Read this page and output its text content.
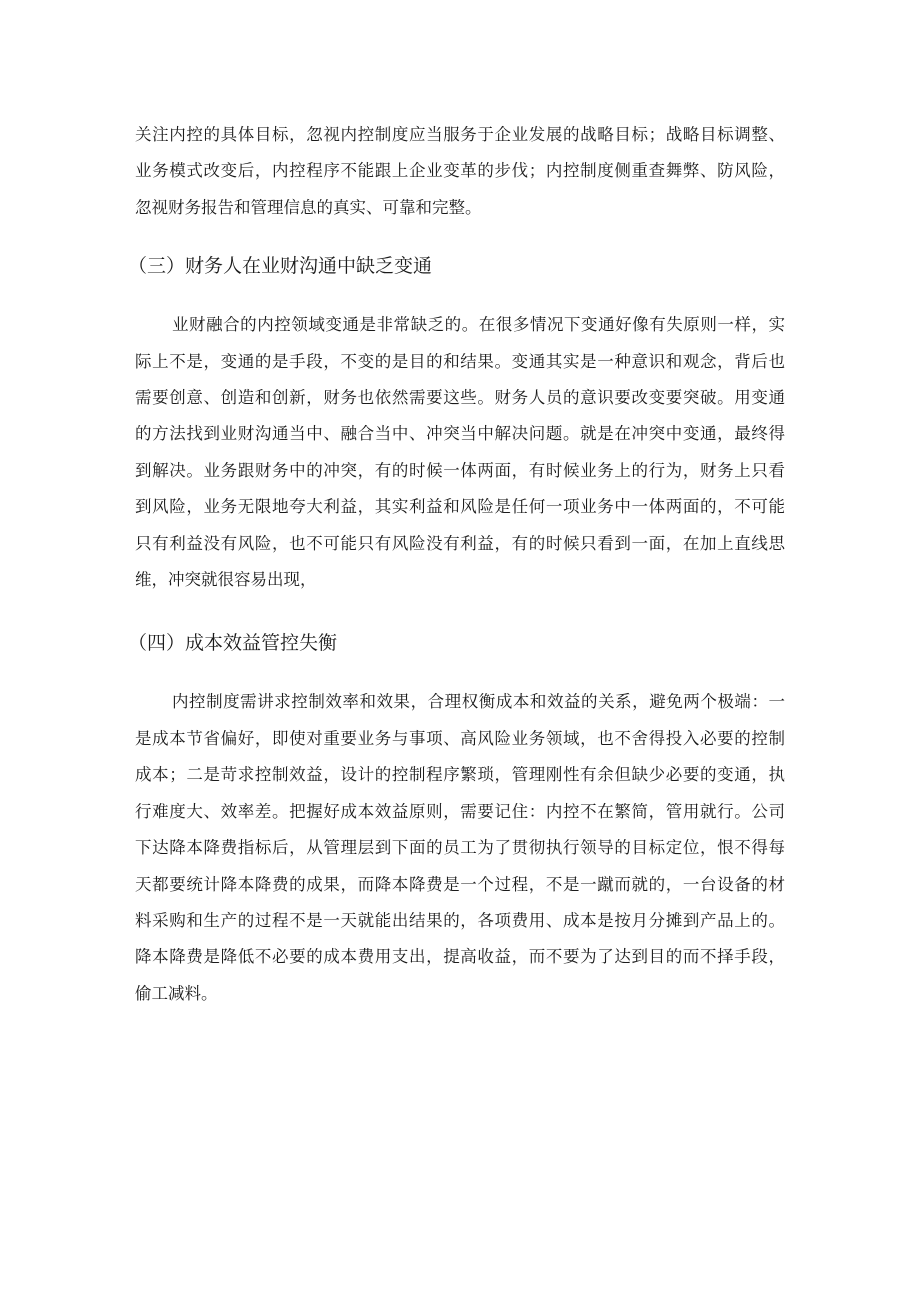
关注内控的具体目标，忽视内控制度应当服务于企业发展的战略目标；战略目标调整、
业务模式改变后，内控程序不能跟上企业变革的步伐；内控制度侧重查舞弊、防风险，
忽视财务报告和管理信息的真实、可靠和完整。
（三）财务人在业财沟通中缺乏变通
业财融合的内控领域变通是非常缺乏的。在很多情况下变通好像有失原则一样，实
际上不是，变通的是手段，不变的是目的和结果。变通其实是一种意识和观念，背后也
需要创意、创造和创新，财务也依然需要这些。财务人员的意识要改变要突破。用变通
的方法找到业财沟通当中、融合当中、冲突当中解决问题。就是在冲突中变通，最终得
到解决。业务跟财务中的冲突，有的时候一体两面，有时候业务上的行为，财务上只看
到风险，业务无限地夸大利益，其实利益和风险是任何一项业务中一体两面的，不可能
只有利益没有风险，也不可能只有风险没有利益，有的时候只看到一面，在加上直线思
维，冲突就很容易出现，
（四）成本效益管控失衡
内控制度需讲求控制效率和效果，合理权衡成本和效益的关系，避免两个极端：一
是成本节省偏好，即使对重要业务与事项、高风险业务领域，也不舍得投入必要的控制
成本；二是苛求控制效益，设计的控制程序繁琐，管理刚性有余但缺少必要的变通，执
行难度大、效率差。把握好成本效益原则，需要记住：内控不在繁简，管用就行。公司
下达降本降费指标后，从管理层到下面的员工为了贯彻执行领导的目标定位，恨不得每
天都要统计降本降费的成果，而降本降费是一个过程，不是一蹴而就的，一台设备的材
料采购和生产的过程不是一天就能出结果的，各项费用、成本是按月分摊到产品上的。
降本降费是降低不必要的成本费用支出，提高收益，而不要为了达到目的而不择手段，
偷工减料。
